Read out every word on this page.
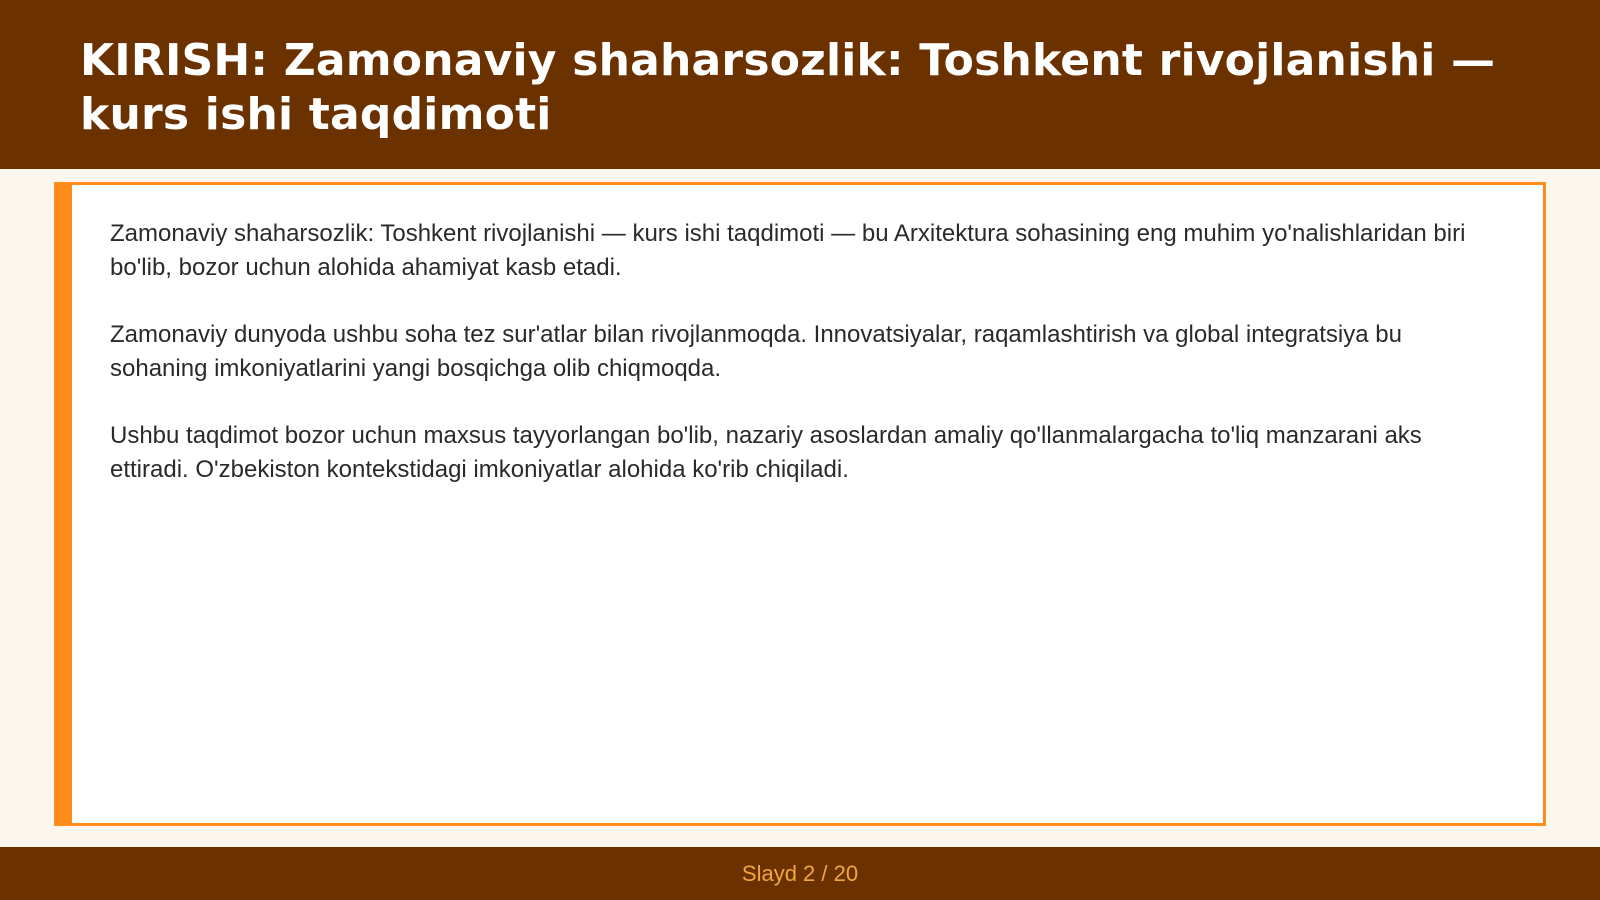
KIRISH: Zamonaviy shaharsozlik: Toshkent rivojlanishi — kurs ishi taqdimoti

Zamonaviy shaharsozlik: Toshkent rivojlanishi — kurs ishi taqdimoti — bu Arxitektura sohasining eng muhim yo'nalishlaridan biri bo'lib, bozor uchun alohida ahamiyat kasb etadi.

Zamonaviy dunyoda ushbu soha tez sur'atlar bilan rivojlanmoqda. Innovatsiyalar, raqamlashtirish va global integratsiya bu sohaning imkoniyatlarini yangi bosqichga olib chiqmoqda.

Ushbu taqdimot bozor uchun maxsus tayyorlangan bo'lib, nazariy asoslardan amaliy qo'llanmalargacha to'liq manzarani aks ettiradi. O'zbekiston kontekstidagi imkoniyatlar alohida ko'rib chiqiladi.

Slayd 2 / 20
